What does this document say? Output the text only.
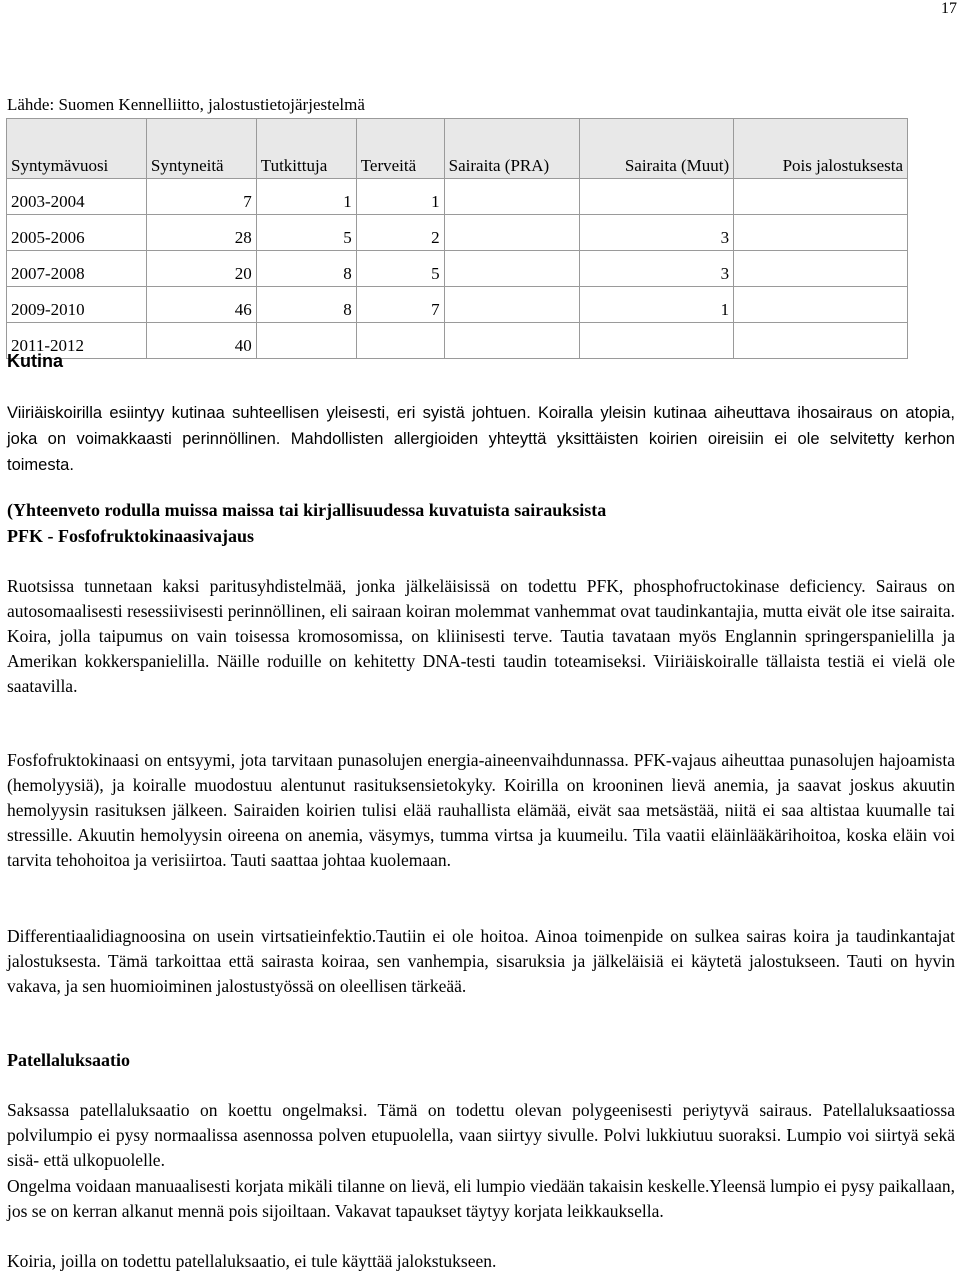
17
Lähde: Suomen Kennelliitto, jalostustietojärjestelmä
Syntymävuosi	Syntyneitä	Tutkittuja	Terveitä	Sairaita (PRA)	Sairaita (Muut)	Pois jalostuksesta
2003-2004	7	1	1			
2005-2006	28	5	2		3	
2007-2008	20	8	5		3	
2009-2010	46	8	7		1	
2011-2012	40					
Kutina

Viiriäiskoirilla esiintyy kutinaa suhteellisen yleisesti, eri syistä johtuen. Koiralla yleisin kutinaa aiheuttava ihosairaus on atopia, joka on voimakkaasti perinnöllinen. Mahdollisten allergioiden yhteyttä yksittäisten koirien oireisiin ei ole selvitetty kerhon toimesta.

(Yhteenveto rodulla muissa maissa tai kirjallisuudessa kuvatuista sairauksista
PFK - Fosfofruktokinaasivajaus

Ruotsissa tunnetaan kaksi paritusyhdistelmää, jonka jälkeläisissä on todettu PFK, phosphofructokinase deficiency. Sairaus on autosomaalisesti resessiivisesti perinnöllinen, eli sairaan koiran molemmat vanhemmat ovat taudinkantajia, mutta eivät ole itse sairaita. Koira, jolla taipumus on vain toisessa kromosomissa, on kliinisesti terve. Tautia tavataan myös Englannin springerspanielilla ja Amerikan kokkerspanielilla. Näille roduille on kehitetty DNA-testi taudin toteamiseksi. Viiriäiskoiralle tällaista testiä ei vielä ole saatavilla.

Fosfofruktokinaasi on entsyymi, jota tarvitaan punasolujen energia-aineenvaihdunnassa. PFK-vajaus aiheuttaa punasolujen hajoamista (hemolyysiä), ja koiralle muodostuu alentunut rasituksensietokyky. Koirilla on krooninen lievä anemia, ja saavat joskus akuutin hemolyysin rasituksen jälkeen. Sairaiden koirien tulisi elää rauhallista elämää, eivät saa metsästää, niitä ei saa altistaa kuumalle tai stressille. Akuutin hemolyysin oireena on anemia, väsymys, tumma virtsa ja kuumeilu. Tila vaatii eläinlääkärihoitoa, koska eläin voi tarvita tehohoitoa ja verisiirtoa. Tauti saattaa johtaa kuolemaan.

Differentiaalidiagnoosina on usein virtsatieinfektio.Tautiin ei ole hoitoa. Ainoa toimenpide on sulkea sairas koira ja taudinkantajat jalostuksesta. Tämä tarkoittaa että sairasta koiraa, sen vanhempia, sisaruksia ja jälkeläisiä ei käytetä jalostukseen. Tauti on hyvin vakava, ja sen huomioiminen jalostustyössä on oleellisen tärkeää.

Patellaluksaatio

Saksassa patellaluksaatio on koettu ongelmaksi. Tämä on todettu olevan polygeenisesti periytyvä sairaus. Patellaluksaatiossa polvilumpio ei pysy normaalissa asennossa polven etupuolella, vaan siirtyy sivulle. Polvi lukkiutuu suoraksi. Lumpio voi siirtyä sekä sisä- että ulkopuolelle.

Ongelma voidaan manuaalisesti korjata mikäli tilanne on lievä, eli lumpio viedään takaisin keskelle.Yleensä lumpio ei pysy paikallaan, jos se on kerran alkanut mennä pois sijoiltaan. Vakavat tapaukset täytyy korjata leikkauksella.

Koiria, joilla on todettu patellaluksaatio, ei tule käyttää jalokstukseen.
